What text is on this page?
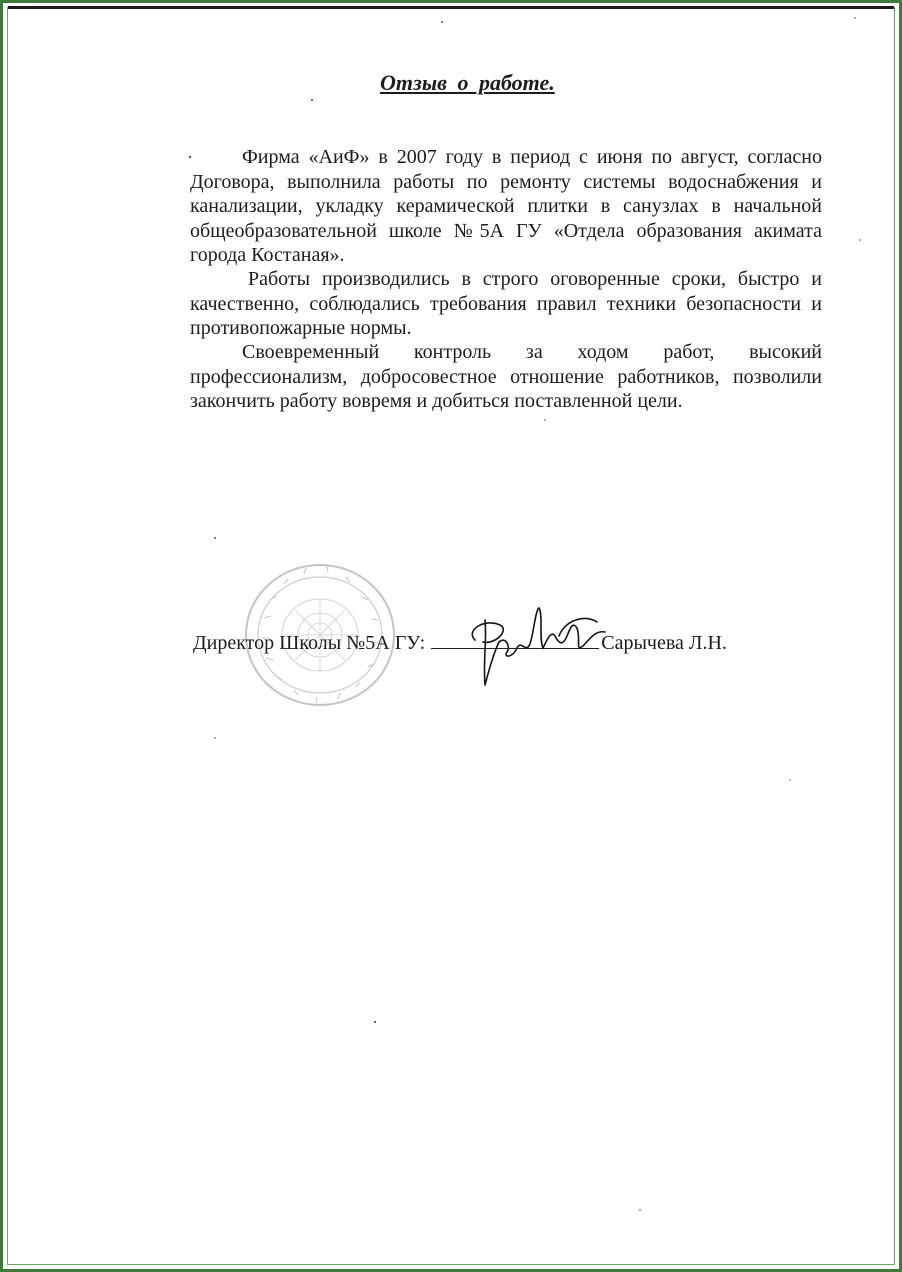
Отзыв о работе.

Фирма «АиФ» в 2007 году в период с июня по август, согласно Договора, выполнила работы по ремонту системы водоснабжения и канализации, укладку керамической плитки в санузлах в начальной общеобразовательной школе №5А ГУ «Отдела образования акимата города Костаная».

Работы производились в строго оговоренные сроки, быстро и качественно, соблюдались требования правил техники безопасности и противопожарные нормы.

Своевременный контроль за ходом работ, высокий профессионализм, добросовестное отношение работников, позволили закончить работу вовремя и добиться поставленной цели.

Директор Школы №5А ГУ:	Сарычева Л.Н.
